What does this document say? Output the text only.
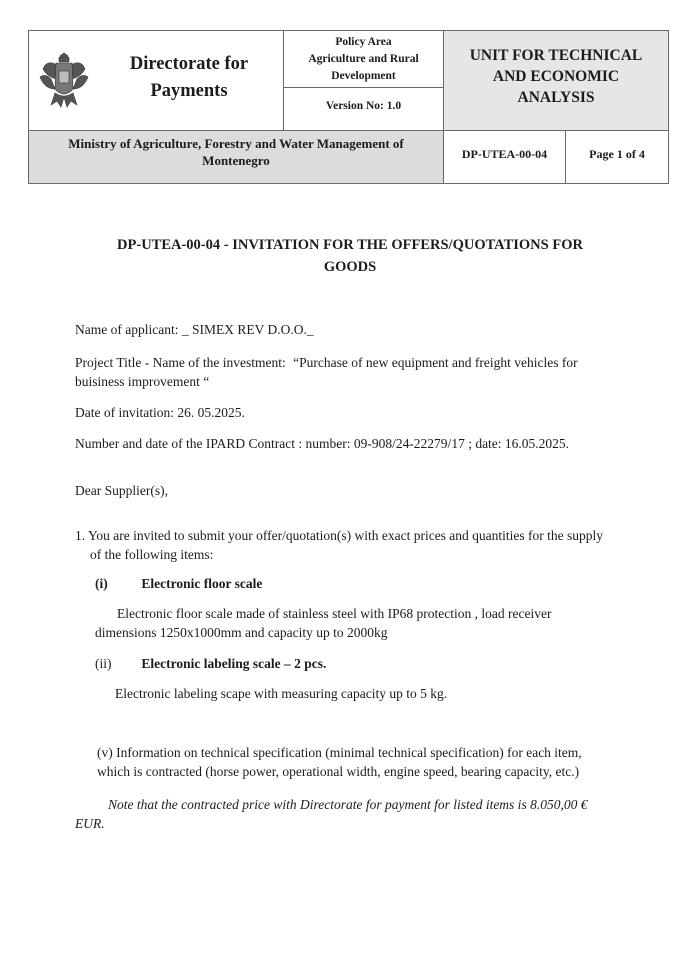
Directorate for Payments
Policy Area
Agriculture and Rural
Development
Version No: 1.0
UNIT FOR TECHNICAL
AND ECONOMIC
ANALYSIS
Ministry of Agriculture, Forestry and Water Management of
Montenegro	DP-UTEA-00-04	Page 1 of 4
DP-UTEA-00-04 - INVITATION FOR THE OFFERS/QUOTATIONS FOR
GOODS
Name of applicant: _ SIMEX REV D.O.O._
Project Title - Name of the investment: “Purchase of new equipment and freight vehicles for
buisiness improvement “
Date of invitation: 26. 05.2025.
Number and date of the IPARD Contract : number: 09-908/24-22279/17 ; date: 16.05.2025.
Dear Supplier(s),
1. You are invited to submit your offer/quotation(s) with exact prices and quantities for the supply
of the following items:
(i) Electronic floor scale
Electronic floor scale made of stainless steel with IP68 protection , load receiver
dimensions 1250x1000mm and capacity up to 2000kg
(ii) Electronic labeling scale – 2 pcs.
Electronic labeling scape with measuring capacity up to 5 kg.
(v) Information on technical specification (minimal technical specification) for each item,
which is contracted (horse power, operational width, engine speed, bearing capacity, etc.)
Note that the contracted price with Directorate for payment for listed items is 8.050,00 €
EUR.
